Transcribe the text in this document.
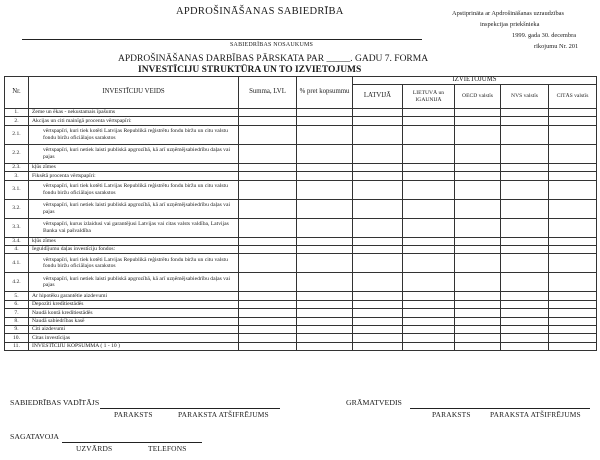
APDROŠINĀŠANAS SABIEDRĪBA	Apstiprināta ar Apdrošināšanas uzraudzības
inspekcijas priekšnieka
1999. gada 30. decembra
rīkojumu Nr. 201
SABIEDRĪBAS NOSAUKUMS
APDROŠINĀŠANAS DARBĪBAS PĀRSKATA PAR _____. GADU 7. FORMA
INVESTĪCIJU STRUKTŪRA UN TO IZVIETOJUMS
Nr.	INVESTĪCIJU VEIDS	Summa, LVL	% pret kopsummu	IZVIETOJUMS				
				LATVIJĀ	LIETUVĀ un IGAUNIJĀ	OECD valstīs	NVS valstīs	CITĀS valstīs

1.	Zeme un ēkas - nekustamais īpašums							
2.	Akcijas un citi mainīgā procenta vērtspapīri:							
2.1.	vērtspapīri, kuri tiek kotēti Latvijas Republikā reģistrētu fondu biržu un citu valstu fondu biržu oficiālajos sarakstos							
2.2.	vērtspapīri, kuri netiek laisti publiskā apgrozībā, kā arī uzņēmējsabiedrību daļas vai pajas							
2.3.	kļūs zīmes							
3.	Fiksētā procenta vērtspapīri:							
3.1.	vērtspapīri, kuri tiek kotēti Latvijas Republikā reģistrētu fondu biržu un citu valstu fondu biržu oficiālajos sarakstos							
3.2.	vērtspapīri, kuri netiek laisti publiskā apgrozībā, kā arī uzņēmējsabiedrību daļas vai pajas							
3.3.	vērtspapīri, kurus izlaidusi vai garantējusi Latvijas vai citas valsts valdība, Latvijas Banka vai pašvaldība							
3.4.	kļūs zīmes							
4.	Ieguldījumu daļas investīciju fondos:							
4.1.	vērtspapīri, kuri tiek kotēti Latvijas Republikā reģistrētu fondu biržu un citu valstu fondu biržu oficiālajos sarakstos							
4.2.	vērtspapīri, kuri netiek laisti publiskā apgrozībā, kā arī uzņēmējsabiedrību daļas vai pajas							
5.	Ar hipotēku garantētie aizdevumi							
6.	Depozīti kredītiestādēs							
7.	Naudā kontā kredītiestādēs							
8.	Naudā sabiedrības kasē							
9.	Citi aizdevumi							
10.	Citas investīcijas							
11.	INVESTĪCIJU KOPSUMMA ( 1 - 10 )							
SABIEDRĪBAS VADĪTĀJS
PARAKSTS	PARAKSTA ATŠIFRĒJUMS
GRĀMATVEDIS
PARAKSTS	PARAKSTA ATŠIFRĒJUMS
SAGATAVOJA
UZVĀRDS	TELEFONS
